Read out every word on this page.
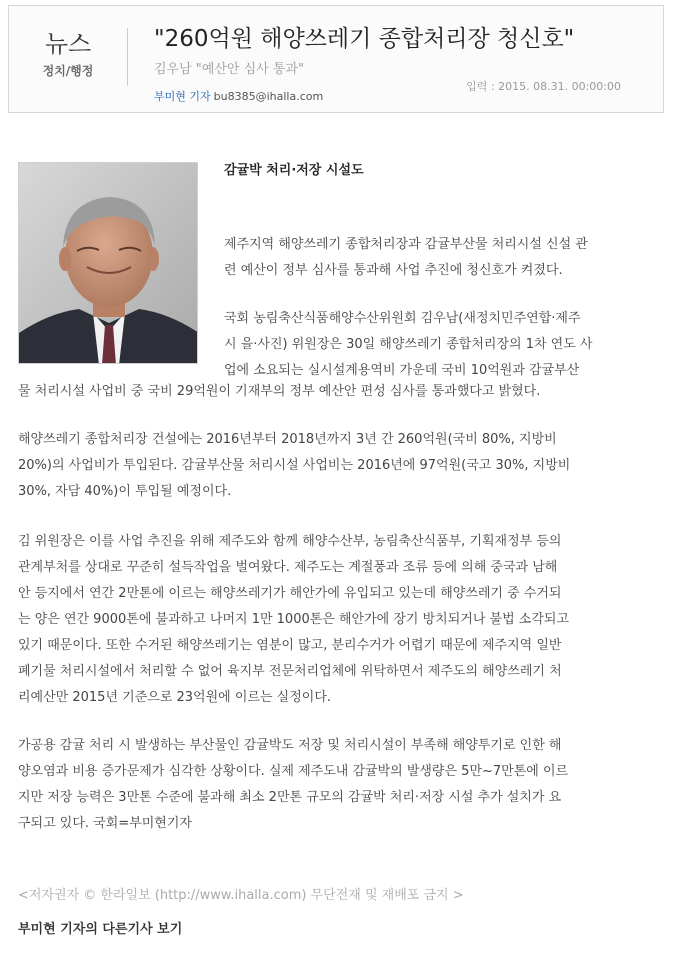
뉴스
정치/행정
"260억원 해양쓰레기 종합처리장 청신호"
김우남 "예산안 심사 통과"
부미현 기자 bu8385@ihalla.com
입력 : 2015. 08.31. 00:00:00
감귤박 처리·저장 시설도

제주지역 해양쓰레기 종합처리장과 감귤부산물 처리시설 신설 관
련 예산이 정부 심사를 통과해 사업 추진에 청신호가 켜졌다.

국회 농림축산식품해양수산위원회 김우남(새정치민주연합·제주
시 을·사진) 위원장은 30일 해양쓰레기 종합처리장의 1차 연도 사
업에 소요되는 실시설계용역비 가운데 국비 10억원과 감귤부산

물 처리시설 사업비 중 국비 29억원이 기재부의 정부 예산안 편성 심사를 통과했다고 밝혔다.

해양쓰레기 종합처리장 건설에는 2016년부터 2018년까지 3년 간 260억원(국비 80%, 지방비
20%)의 사업비가 투입된다. 감귤부산물 처리시설 사업비는 2016년에 97억원(국고 30%, 지방비
30%, 자담 40%)이 투입될 예정이다.

김 위원장은 이를 사업 추진을 위해 제주도와 함께 해양수산부, 농림축산식품부, 기획재정부 등의
관계부처를 상대로 꾸준히 설득작업을 벌여왔다. 제주도는 계절풍과 조류 등에 의해 중국과 남해
안 등지에서 연간 2만톤에 이르는 해양쓰레기가 해안가에 유입되고 있는데 해양쓰레기 중 수거되
는 양은 연간 9000톤에 불과하고 나머지 1만 1000톤은 해안가에 장기 방치되거나 불법 소각되고
있기 때문이다. 또한 수거된 해양쓰레기는 염분이 많고, 분리수거가 어렵기 때문에 제주지역 일반
폐기물 처리시설에서 처리할 수 없어 육지부 전문처리업체에 위탁하면서 제주도의 해양쓰레기 처
리예산만 2015년 기준으로 23억원에 이르는 실정이다.

가공용 감귤 처리 시 발생하는 부산물인 감귤박도 저장 및 처리시설이 부족해 해양투기로 인한 해
양오염과 비용 증가문제가 심각한 상황이다. 실제 제주도내 감귤박의 발생량은 5만~7만톤에 이르
지만 저장 능력은 3만톤 수준에 불과해 최소 2만톤 규모의 감귤박 처리·저장 시설 추가 설치가 요
구되고 있다. 국회=부미현기자

<저자권자 © 한라일보 (http://www.ihalla.com) 무단전재 및 재배포 금지 >
부미현 기자의 다른기사 보기
